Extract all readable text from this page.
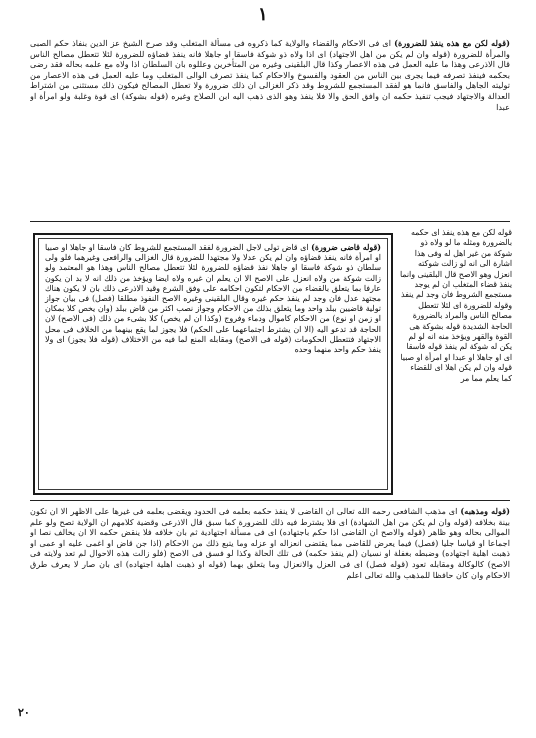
١

(قوله لكن مع هذه ينفذ للضرورة) اى فى الاحكام والقضاء والولاية كما ذكروه فى مسألة المتغلب وقد صرح الشيخ عز الدين بنفاذ حكم الصبى والمرأة للضرورة (قوله وان لم يكن من اهل الاجتهاد) اى اذا ولاه ذو شوكة فاسقا او جاهلا فانه ينفذ قضاؤه للضرورة لئلا تتعطل مصالح الناس قال الاذرعى وهذا ما عليه العمل فى هذه الاعصار وكذا قال البلقينى وغيره من المتأخرين وعللوه بان السلطان اذا ولاه مع علمه بحاله فقد رضى بحكمه فينفذ تصرفه فيما يجرى بين الناس من العقود والفسوخ والاحكام كما ينفذ تصرف الوالى المتغلب وما عليه العمل فى هذه الاعصار من توليته الجاهل والفاسق فانما هو لفقد المستجمع للشروط وقد ذكر الغزالى ان ذلك ضرورة ولا تعطل المصالح فيكون ذلك مستثنى من اشتراط العدالة والاجتهاد فيجب تنفيذ حكمه ان وافق الحق والا فلا ينفذ وهو الذى ذهب اليه ابن الصلاح وغيره (قوله بشوكة) اى قوة وغلبة ولو امرأة او عبدا

قوله لكن مع هذه ينفذ اى حكمه بالضرورة ومثله ما لو ولاه ذو شوكة من غير اهل له وفى هذا اشارة الى انه لو زالت شوكته انعزل وهو الاصح قال البلقينى وانما ينفذ قضاء المتغلب ان لم يوجد مستجمع الشروط فان وجد لم ينفذ وقوله للضرورة اى لئلا تتعطل مصالح الناس والمراد بالضرورة الحاجة الشديدة قوله بشوكة هى القوة والقهر ويؤخذ منه انه لو لم يكن له شوكة لم ينفذ قوله فاسقا اى او جاهلا او عبدا او امرأة او صبيا قوله وان لم يكن اهلا اى للقضاء كما يعلم مما مر

(قوله قاضى ضرورة) اى قاض تولى لاجل الضرورة لفقد المستجمع للشروط كان فاسقا او جاهلا او صبيا او امرأة فانه ينفذ قضاؤه وان لم يكن عدلا ولا مجتهدا للضرورة قال الغزالى والرافعى وغيرهما فلو ولى سلطان ذو شوكة فاسقا او جاهلا نفذ قضاؤه للضرورة لئلا تتعطل مصالح الناس وهذا هو المعتمد ولو زالت شوكة من ولاه انعزل على الاصح الا ان يعلم ان غيره ولاه ايضا ويؤخذ من ذلك انه لا بد ان يكون عارفا بما يتعلق بالقضاء من الاحكام لتكون احكامه على وفق الشرع وقيد الاذرعى ذلك بان لا يكون هناك مجتهد عدل فان وجد لم ينفذ حكم غيره وقال البلقينى وغيره الاصح النفوذ مطلقا (فصل) فى بيان جواز تولية قاضيين ببلد واحد وما يتعلق بذلك من الاحكام وجواز نصب اكثر من قاض ببلد (وان يخص كلا بمكان او زمن او نوع) من الاحكام كاموال ودماء وفروج (وكذا ان لم يخص) كلا بشىء من ذلك (فى الاصح) لان الحاجة قد تدعو اليه (الا ان يشترط اجتماعهما على الحكم) فلا يجوز لما يقع بينهما من الخلاف فى محل الاجتهاد فتتعطل الحكومات (قوله فى الاصح) ومقابله المنع لما فيه من الاختلاف (قوله فلا يجوز) اى ولا ينفذ حكم واحد منهما وحده

(قوله ومذهبه) اى مذهب الشافعى رحمه الله تعالى ان القاضى لا ينفذ حكمه بعلمه فى الحدود ويقضى بعلمه فى غيرها على الاظهر الا ان تكون بينة بخلافه (قوله وان لم يكن من اهل الشهادة) اى فلا يشترط فيه ذلك للضرورة كما سبق قال الاذرعى وقضية كلامهم ان الولاية تصح ولو علم الموالى بحاله وهو ظاهر (قوله والاصح ان القاضى اذا حكم باجتهاده) اى فى مسألة اجتهادية ثم بان خلافه فلا ينقض حكمه الا ان يخالف نصا او اجماعا او قياسا جليا (فصل) فيما يعرض للقاضى مما يقتضى انعزاله او عزله وما يتبع ذلك من الاحكام (اذا جن قاض او اغمى عليه او عمى او ذهبت اهلية اجتهاده) وضبطه بغفلة او نسيان (لم ينفذ حكمه) فى تلك الحالة وكذا لو فسق فى الاصح (فلو زالت هذه الاحوال لم تعد ولايته فى الاصح) كالوكالة ومقابله تعود (قوله فصل) اى فى العزل والانعزال وما يتعلق بهما (قوله او ذهبت اهلية اجتهاده) اى بان صار لا يعرف طرق الاحكام وان كان حافظا للمذهب والله تعالى اعلم

٢٠
